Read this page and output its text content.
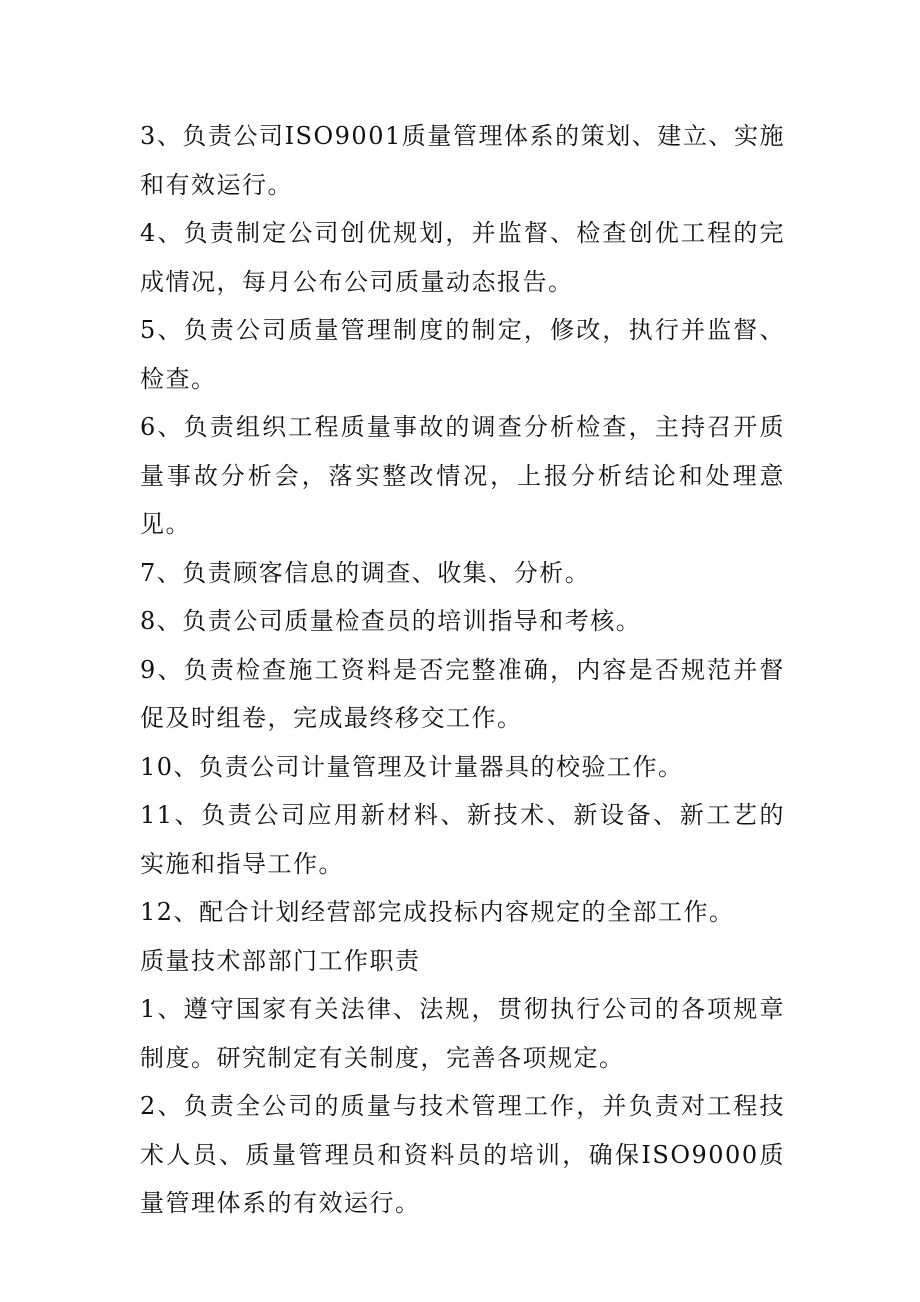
3、负责公司ISO9001质量管理体系的策划、建立、实施和有效运行。

4、负责制定公司创优规划，并监督、检查创优工程的完成情况，每月公布公司质量动态报告。

5、负责公司质量管理制度的制定，修改，执行并监督、检查。

6、负责组织工程质量事故的调查分析检查，主持召开质量事故分析会，落实整改情况，上报分析结论和处理意见。

7、负责顾客信息的调查、收集、分析。

8、负责公司质量检查员的培训指导和考核。

9、负责检查施工资料是否完整准确，内容是否规范并督促及时组卷，完成最终移交工作。

10、负责公司计量管理及计量器具的校验工作。

11、负责公司应用新材料、新技术、新设备、新工艺的实施和指导工作。

12、配合计划经营部完成投标内容规定的全部工作。

质量技术部部门工作职责

1、遵守国家有关法律、法规，贯彻执行公司的各项规章制度。研究制定有关制度，完善各项规定。

2、负责全公司的质量与技术管理工作，并负责对工程技术人员、质量管理员和资料员的培训，确保ISO9000质量管理体系的有效运行。
